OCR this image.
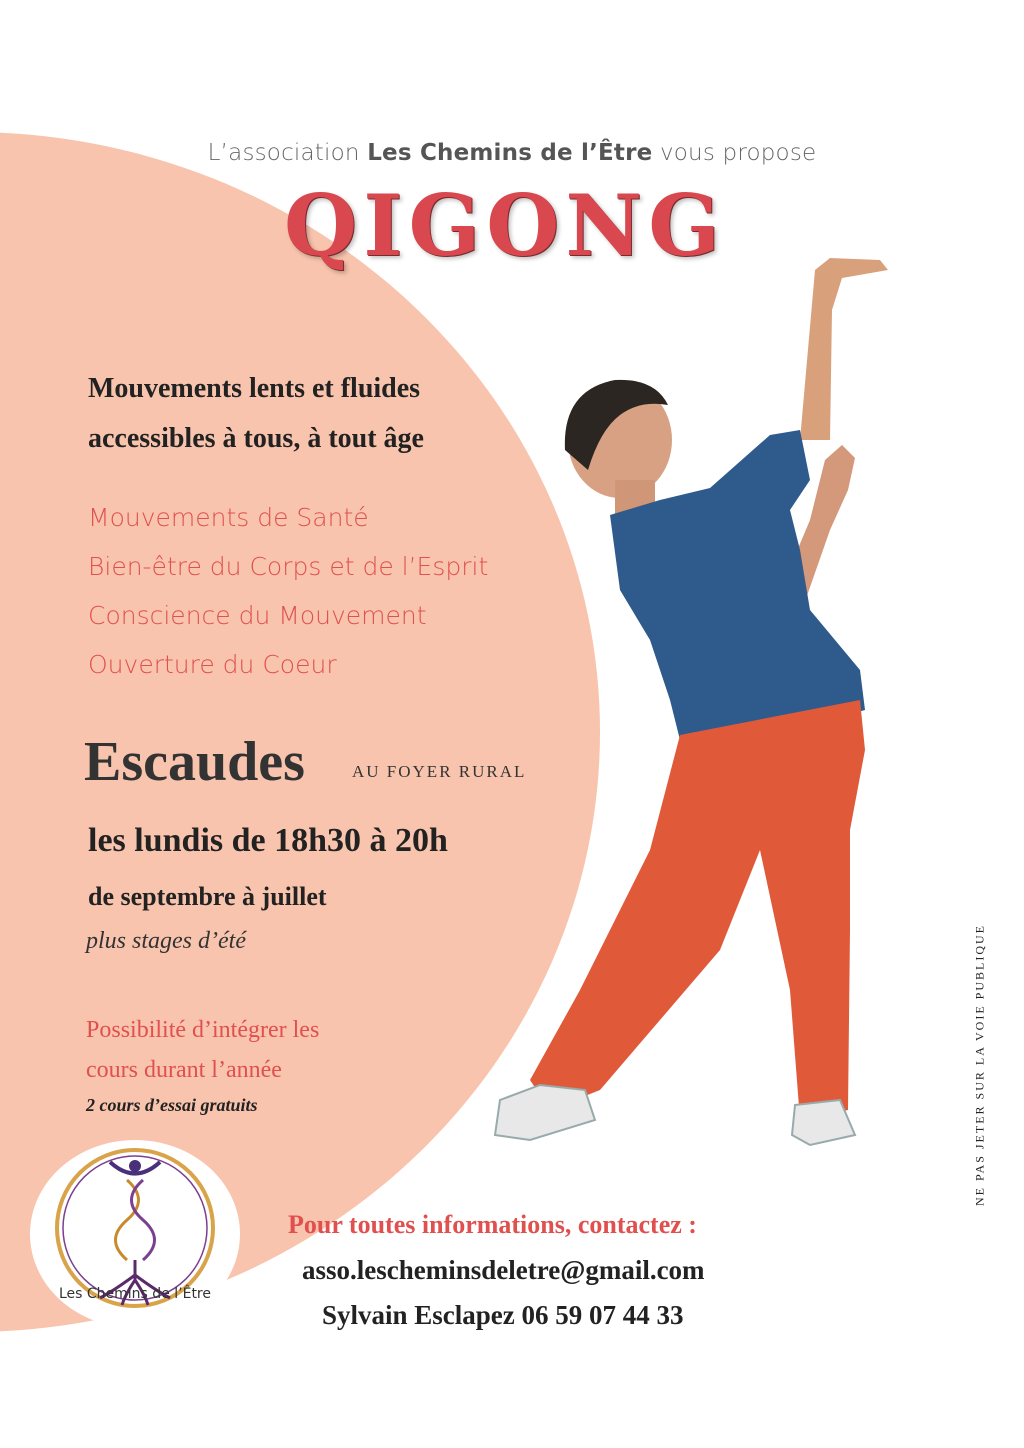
L’association Les Chemins de l’Être vous propose
QIGONG
Mouvements lents et fluides
accessibles à tous, à tout âge
Mouvements de Santé
Bien-être du Corps et de l’Esprit
Conscience du Mouvement
Ouverture du Coeur
Escaudes	AU FOYER RURAL
les lundis de 18h30 à 20h
de septembre à juillet
plus stages d’été
Possibilité d’intégrer les
cours durant l’année
2 cours d’essai gratuits
Les Chemins de l’Être
Pour toutes informations, contactez :
asso.lescheminsdeletre@gmail.com
Sylvain Esclapez 06 59 07 44 33
NE PAS JETER SUR LA VOIE PUBLIQUE
